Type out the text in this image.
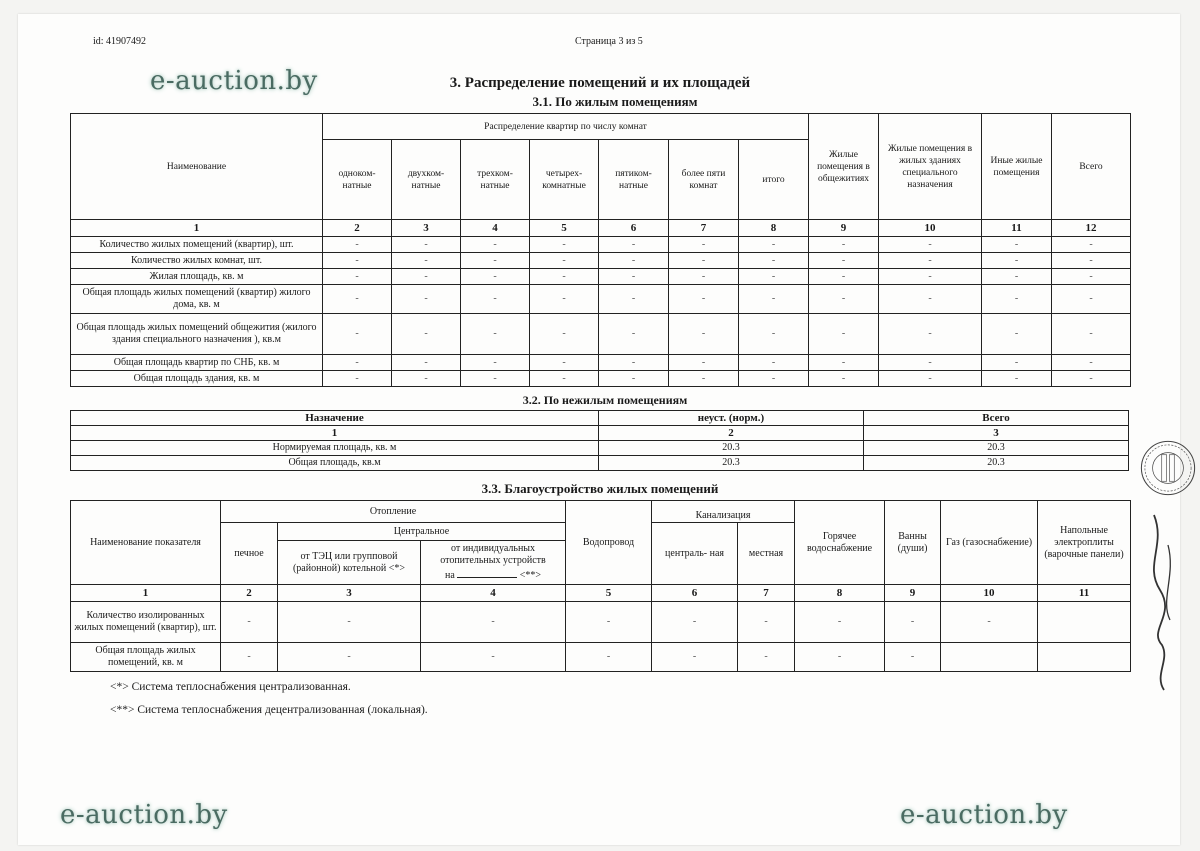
id: 41907492	Страница 3 из 5
3. Распределение помещений и их площадей
3.1. По жилым помещениям
Наименование	Распределение квартир по числу комнат							Жилые помещения в общежитиях	Жилые помещения в жилых зданиях специального назначения	Иные жилые помещения	Всего
	одноком- натные	двухком- натные	трехком- натные	четырех- комнатные	пятиком- натные	более пяти комнат	итого				
1	2	3	4	5	6	7	8	9	10	11	12
Количество жилых помещений (квартир), шт.	-	-	-	-	-	-	-	-	-	-	-
Количество жилых комнат, шт.	-	-	-	-	-	-	-	-	-	-	-
Жилая площадь, кв. м	-	-	-	-	-	-	-	-	-	-	-
Общая площадь жилых помещений (квартир) жилого дома, кв. м	-	-	-	-	-	-	-	-	-	-	-
Общая площадь жилых помещений общежития (жилого здания специального назначения ), кв.м	-	-	-	-	-	-	-	-	-	-	-
Общая площадь квартир по СНБ, кв. м	-	-	-	-	-	-	-	-	-	-	-
Общая площадь здания, кв. м	-	-	-	-	-	-	-	-	-	-	-
3.2. По нежилым помещениям
Назначение	неуст. (норм.)	Всего
1	2	3
Нормируемая площадь, кв. м	20.3	20.3
Общая площадь, кв.м	20.3	20.3
3.3. Благоустройство жилых помещений
Наименование показателя	Отопление			Водопровод	Канализация		Горячее водоснабжение	Ванны (души)	Газ (газоснабжение)	Напольные электроплиты (варочные панели)
	печное	Центральное			централь- ная	местная				
		от ТЭЦ или групповой (районной) котельной <*>	от индивидуальных отопительных устройств
на <**>							
1	2	3	4	5	6	7	8	9	10	11
Количество изолированных жилых помещений (квартир), шт.	-	-	-	-	-	-	-	-	-	
Общая площадь жилых помещений, кв. м	-	-	-	-	-	-	-	-		
<*> Система теплоснабжения централизованная.
<**> Система теплоснабжения децентрализованная (локальная).
e-auction.by
e-auction.by	e-auction.by
